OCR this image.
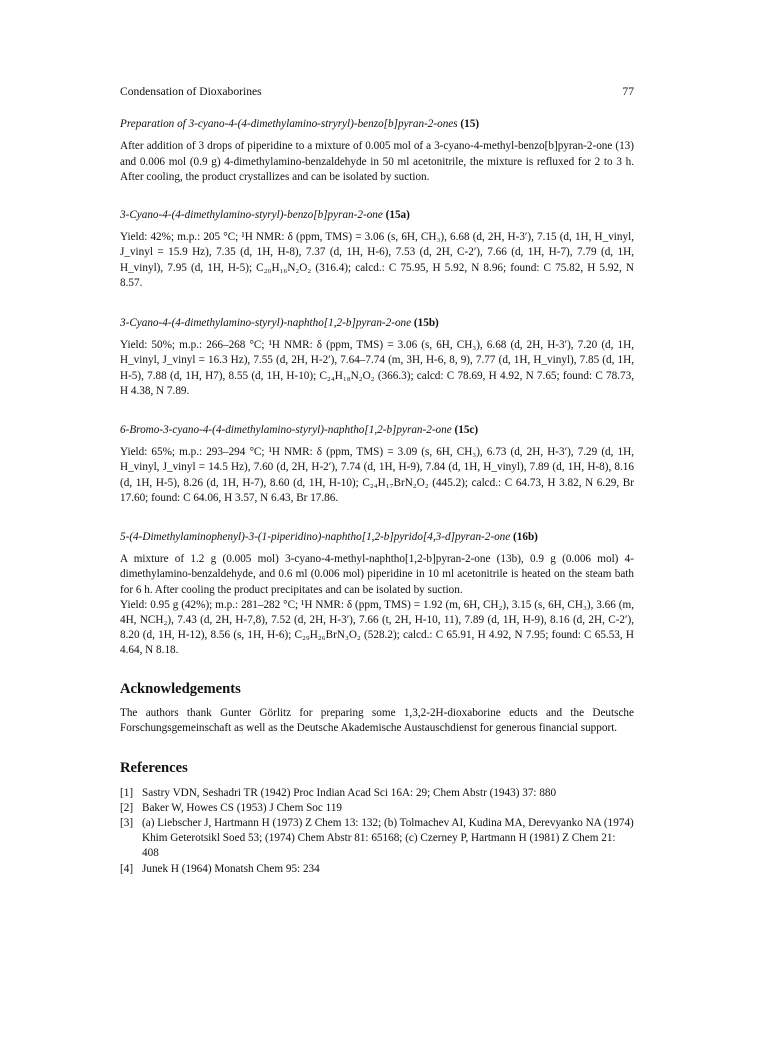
Condensation of Dioxaborines	77

Preparation of 3-cyano-4-(4-dimethylamino-stryryl)-benzo[b]pyran-2-ones (15)

After addition of 3 drops of piperidine to a mixture of 0.005 mol of a 3-cyano-4-methyl-benzo[b]pyran-2-one (13) and 0.006 mol (0.9 g) 4-dimethylamino-benzaldehyde in 50 ml acetonitrile, the mixture is refluxed for 2 to 3 h. After cooling, the product crystallizes and can be isolated by suction.

3-Cyano-4-(4-dimethylamino-styryl)-benzo[b]pyran-2-one (15a)

Yield: 42%; m.p.: 205 °C; ¹H NMR: δ (ppm, TMS) = 3.06 (s, 6H, CH₃), 6.68 (d, 2H, H-3′), 7.15 (d, 1H, H_vinyl, J_vinyl = 15.9 Hz), 7.35 (d, 1H, H-8), 7.37 (d, 1H, H-6), 7.53 (d, 2H, C-2′), 7.66 (d, 1H, H-7), 7.79 (d, 1H, H_vinyl), 7.95 (d, 1H, H-5); C₂₀H₁₆N₂O₂ (316.4); calcd.: C 75.95, H 5.92, N 8.96; found: C 75.82, H 5.92, N 8.57.

3-Cyano-4-(4-dimethylamino-styryl)-naphtho[1,2-b]pyran-2-one (15b)

Yield: 50%; m.p.: 266–268 °C; ¹H NMR: δ (ppm, TMS) = 3.06 (s, 6H, CH₃), 6.68 (d, 2H, H-3′), 7.20 (d, 1H, H_vinyl, J_vinyl = 16.3 Hz), 7.55 (d, 2H, H-2′), 7.64–7.74 (m, 3H, H-6, 8, 9), 7.77 (d, 1H, H_vinyl), 7.85 (d, 1H, H-5), 7.88 (d, 1H, H7), 8.55 (d, 1H, H-10); C₂₄H₁₈N₂O₂ (366.3); calcd: C 78.69, H 4.92, N 7.65; found: C 78.73, H 4.38, N 7.89.

6-Bromo-3-cyano-4-(4-dimethylamino-styryl)-naphtho[1,2-b]pyran-2-one (15c)

Yield: 65%; m.p.: 293–294 °C; ¹H NMR: δ (ppm, TMS) = 3.09 (s, 6H, CH₃), 6.73 (d, 2H, H-3′), 7.29 (d, 1H, H_vinyl, J_vinyl = 14.5 Hz), 7.60 (d, 2H, H-2′), 7.74 (d, 1H, H-9), 7.84 (d, 1H, H_vinyl), 7.89 (d, 1H, H-8), 8.16 (d, 1H, H-5), 8.26 (d, 1H, H-7), 8.60 (d, 1H, H-10); C₂₄H₁₇BrN₂O₂ (445.2); calcd.: C 64.73, H 3.82, N 6.29, Br 17.60; found: C 64.06, H 3.57, N 6.43, Br 17.86.

5-(4-Dimethylaminophenyl)-3-(1-piperidino)-naphtho[1,2-b]pyrido[4,3-d]pyran-2-one (16b)

A mixture of 1.2 g (0.005 mol) 3-cyano-4-methyl-naphtho[1,2-b]pyran-2-one (13b), 0.9 g (0.006 mol) 4-dimethylamino-benzaldehyde, and 0.6 ml (0.006 mol) piperidine in 10 ml acetonitrile is heated on the steam bath for 6 h. After cooling the product precipitates and can be isolated by suction.

Yield: 0.95 g (42%); m.p.: 281–282 °C; ¹H NMR: δ (ppm, TMS) = 1.92 (m, 6H, CH₂), 3.15 (s, 6H, CH₃), 3.66 (m, 4H, NCH₂), 7.43 (d, 2H, H-7,8), 7.52 (d, 2H, H-3′), 7.66 (t, 2H, H-10, 11), 7.89 (d, 1H, H-9), 8.16 (d, 2H, C-2′), 8.20 (d, 1H, H-12), 8.56 (s, 1H, H-6); C₂₉H₂₆BrN₃O₂ (528.2); calcd.: C 65.91, H 4.92, N 7.95; found: C 65.53, H 4.64, N 8.18.

Acknowledgements

The authors thank Gunter Görlitz for preparing some 1,3,2-2H-dioxaborine educts and the Deutsche Forschungsgemeinschaft as well as the Deutsche Akademische Austauschdienst for generous financial support.

References

[1] Sastry VDN, Seshadri TR (1942) Proc Indian Acad Sci 16A: 29; Chem Abstr (1943) 37: 880
[2] Baker W, Howes CS (1953) J Chem Soc 119
[3] (a) Liebscher J, Hartmann H (1973) Z Chem 13: 132; (b) Tolmachev AI, Kudina MA, Derevyanko NA (1974) Khim Geterotsikl Soed 53; (1974) Chem Abstr 81: 65168; (c) Czerney P, Hartmann H (1981) Z Chem 21: 408
[4] Junek H (1964) Monatsh Chem 95: 234
